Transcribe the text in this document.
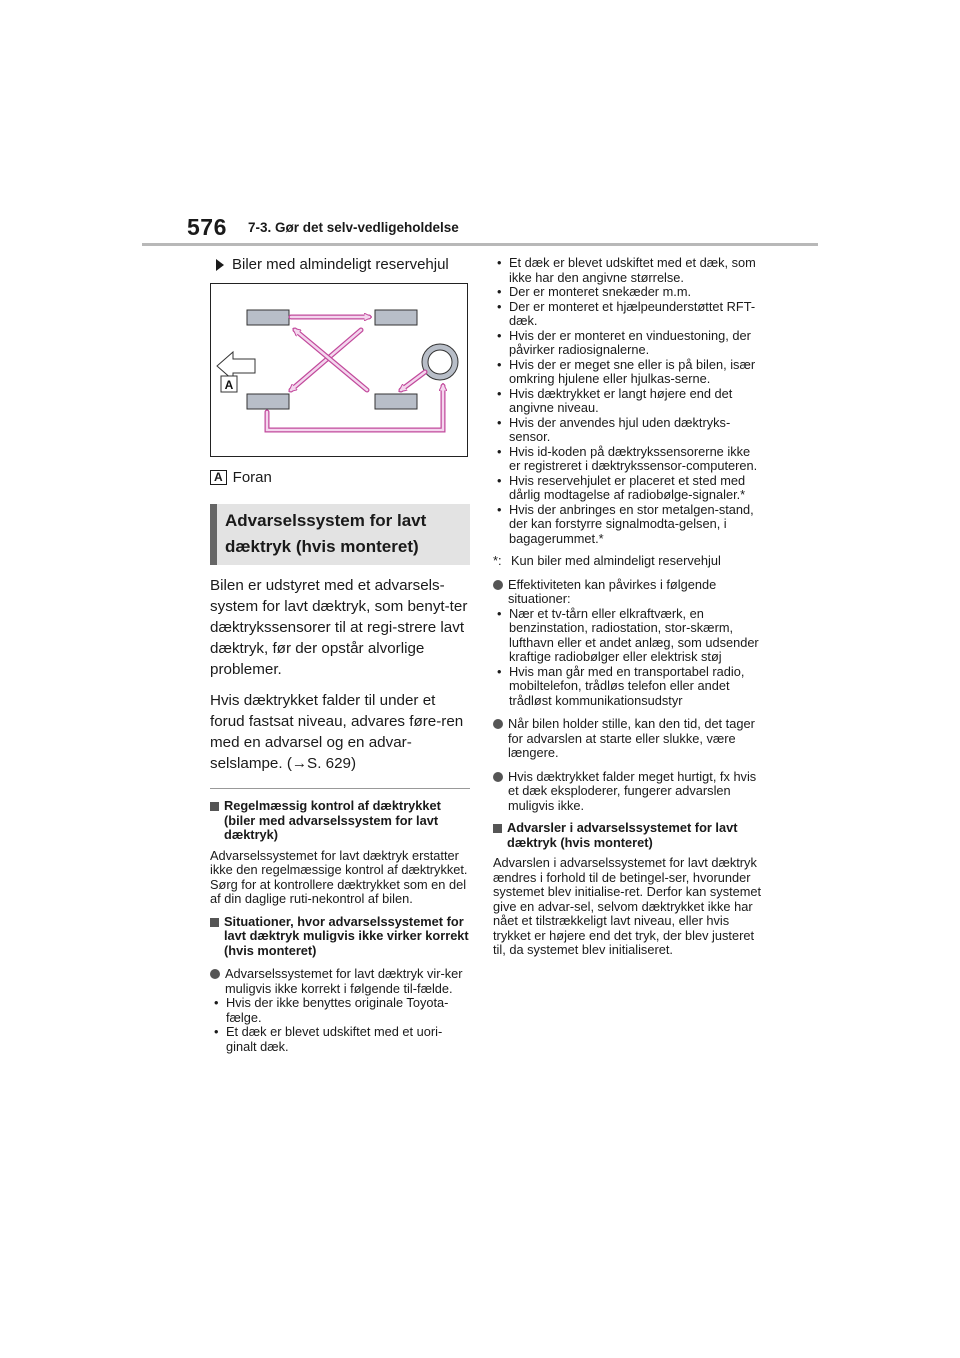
576 7-3. Gør det selv-vedligeholdelse
Biler med almindeligt reservehjul
A
A Foran
Advarselssystem for lavt
dæktryk (hvis monteret)

Bilen er udstyret med et advarsels-system for lavt dæktryk, som benyt-ter dæktrykssensorer til at regi-strere lavt dæktryk, før der opstår alvorlige problemer.

Hvis dæktrykket falder til under et forud fastsat niveau, advares føre-ren med en advarsel og en advar-selslampe. (→S. 629)

Regelmæssig kontrol af dæktrykket (biler med advarselssystem for lavt dæktryk)

Advarselssystemet for lavt dæktryk erstatter ikke den regelmæssige kontrol af dæktrykket. Sørg for at kontrollere dæktrykket som en del af din daglige ruti-nekontrol af bilen.

Situationer, hvor advarselssystemet for lavt dæktryk muligvis ikke virker korrekt (hvis monteret)
Advarselssystemet for lavt dæktryk vir-ker muligvis ikke korrekt i følgende til-fælde.
• Hvis der ikke benyttes originale Toyota-fælge.
• Et dæk er blevet udskiftet med et uori-ginalt dæk.
• Et dæk er blevet udskiftet med et dæk, som ikke har den angivne størrelse.
• Der er monteret snekæder m.m.
• Der er monteret et hjælpeunderstøttet RFT-dæk.
• Hvis der er monteret en vinduestoning, der påvirker radiosignalerne.
• Hvis der er meget sne eller is på bilen, især omkring hjulene eller hjulkas-serne.
• Hvis dæktrykket er langt højere end det angivne niveau.
• Hvis der anvendes hjul uden dæktryks-sensor.
• Hvis id-koden på dæktrykssensorerne ikke er registreret i dæktrykssensor-computeren.
• Hvis reservehjulet er placeret et sted med dårlig modtagelse af radiobølge-signaler.*
• Hvis der anbringes en stor metalgen-stand, der kan forstyrre signalmodta-gelsen, i bagagerummet.*
*: Kun biler med almindeligt reservehjul
Effektiviteten kan påvirkes i følgende situationer:
• Nær et tv-tårn eller elkraftværk, en benzinstation, radiostation, stor-skærm, lufthavn eller et andet anlæg, som udsender kraftige radiobølger eller elektrisk støj
• Hvis man går med en transportabel radio, mobiltelefon, trådløs telefon eller andet trådløst kommunikationsudstyr
Når bilen holder stille, kan den tid, det tager for advarslen at starte eller slukke, være længere.
Hvis dæktrykket falder meget hurtigt, fx hvis et dæk eksploderer, fungerer advarslen muligvis ikke.
Advarsler i advarselssystemet for lavt dæktryk (hvis monteret)

Advarslen i advarselssystemet for lavt dæktryk ændres i forhold til de betingel-ser, hvorunder systemet blev initialise-ret. Derfor kan systemet give en advar-sel, selvom dæktrykket ikke har nået et tilstrækkeligt lavt niveau, eller hvis trykket er højere end det tryk, der blev justeret til, da systemet blev initialiseret.
